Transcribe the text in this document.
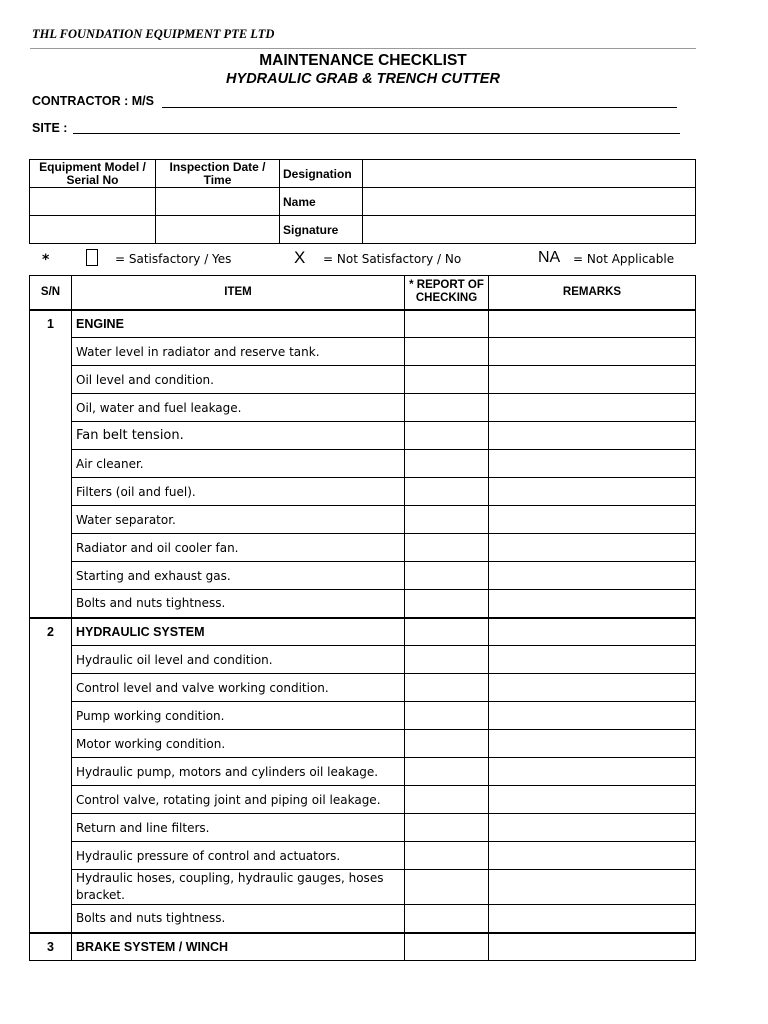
THL FOUNDATION EQUIPMENT PTE LTD
MAINTENANCE CHECKLIST
HYDRAULIC GRAB & TRENCH CUTTER
CONTRACTOR : M/S
SITE :
Equipment Model / Serial No	Inspection Date / Time	Designation	
		Name	
		Signature	
*	= Satisfactory / Yes	X = Not Satisfactory / No	NA = Not Applicable
S/N	ITEM	* REPORT OF CHECKING	REMARKS
1	ENGINE		
	Water level in radiator and reserve tank.		
	Oil level and condition.		
	Oil, water and fuel leakage.		
	Fan belt tension.		
	Air cleaner.		
	Filters (oil and fuel).		
	Water separator.		
	Radiator and oil cooler fan.		
	Starting and exhaust gas.		
	Bolts and nuts tightness.		
2	HYDRAULIC SYSTEM		
	Hydraulic oil level and condition.		
	Control level and valve working condition.		
	Pump working condition.		
	Motor working condition.		
	Hydraulic pump, motors and cylinders oil leakage.		
	Control valve, rotating joint and piping oil leakage.		
	Return and line filters.		
	Hydraulic pressure of control and actuators.		
	Hydraulic hoses, coupling, hydraulic gauges, hoses bracket.		
	Bolts and nuts tightness.		
3	BRAKE SYSTEM / WINCH		
